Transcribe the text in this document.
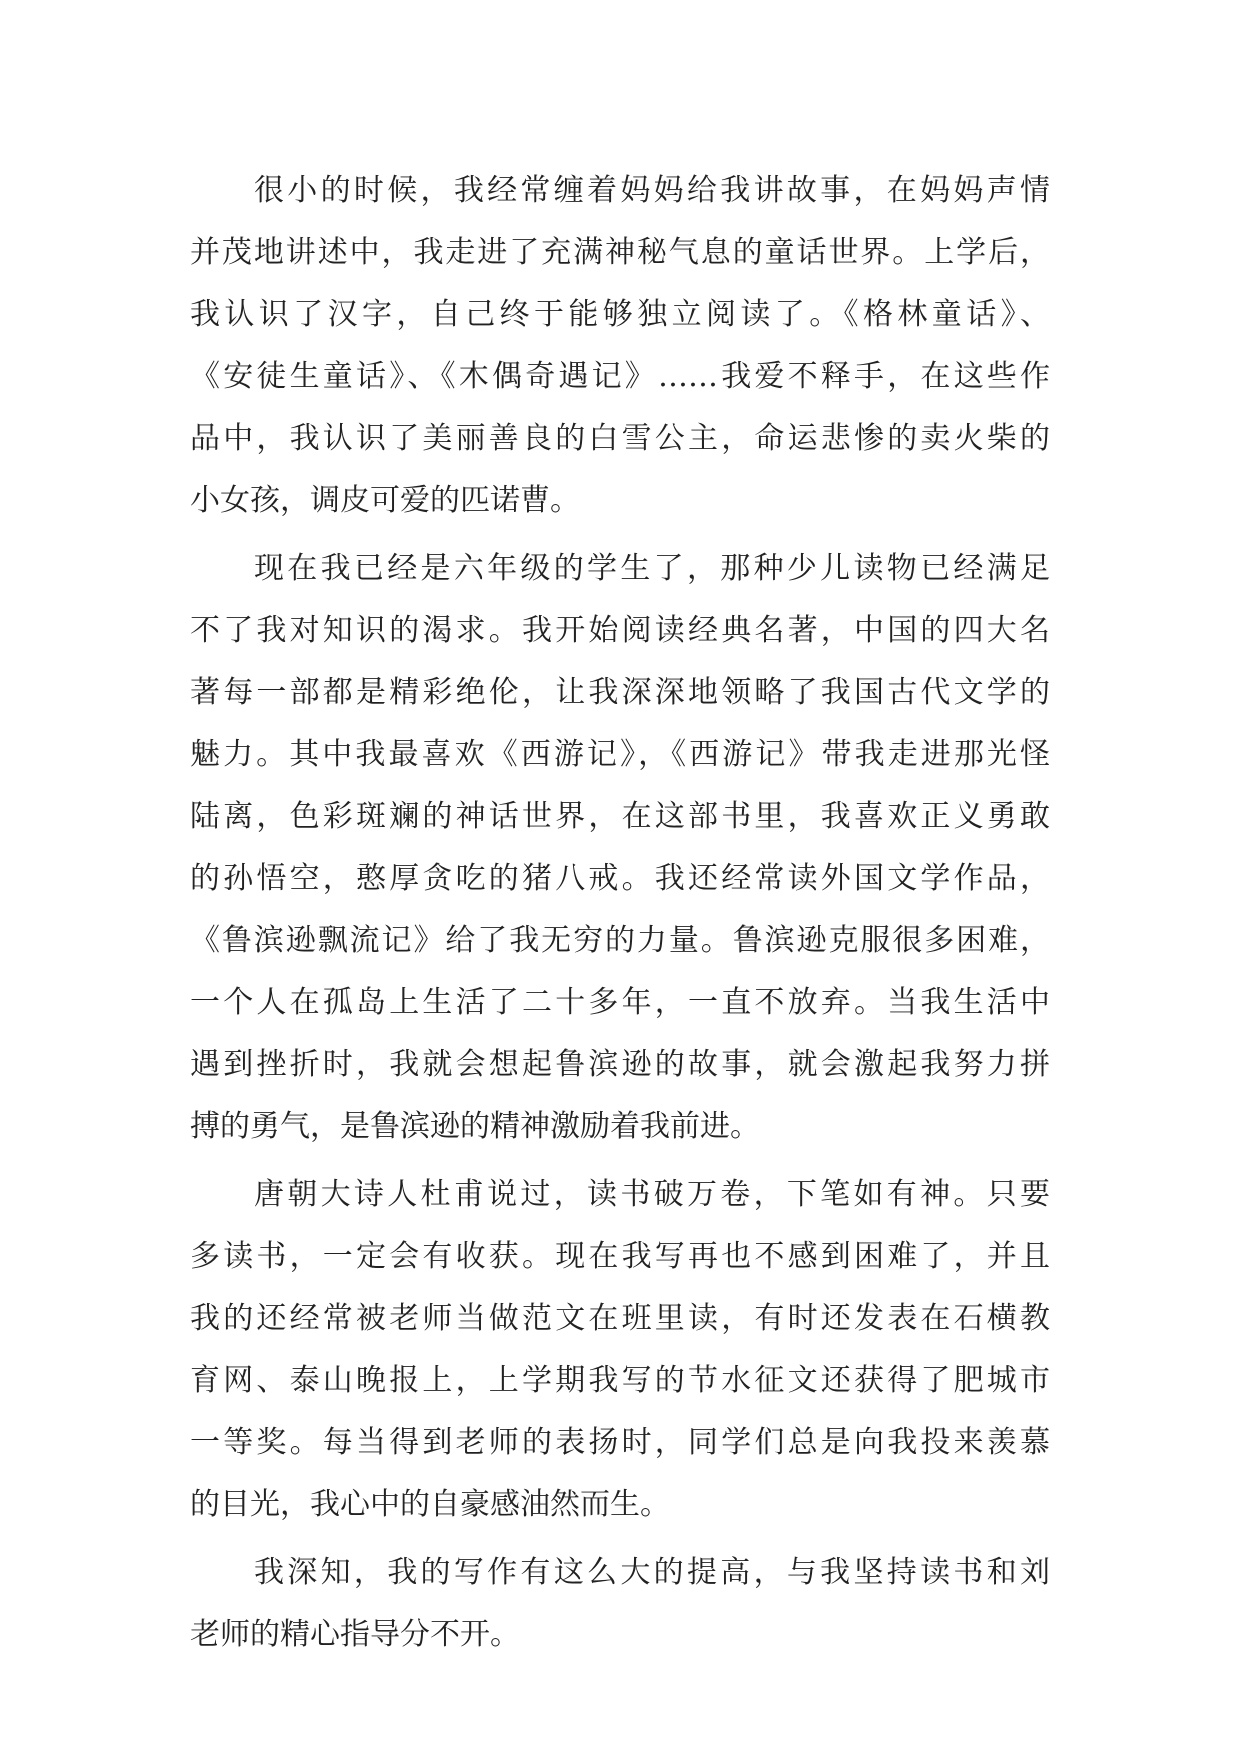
很小的时候，我经常缠着妈妈给我讲故事，在妈妈声情
并茂地讲述中，我走进了充满神秘气息的童话世界。上学后，
我认识了汉字，自己终于能够独立阅读了。《格林童话》、
《安徒生童话》、《木偶奇遇记》……我爱不释手，在这些作
品中，我认识了美丽善良的白雪公主，命运悲惨的卖火柴的
小女孩，调皮可爱的匹诺曹。
现在我已经是六年级的学生了，那种少儿读物已经满足
不了我对知识的渴求。我开始阅读经典名著，中国的四大名
著每一部都是精彩绝伦，让我深深地领略了我国古代文学的
魅力。其中我最喜欢《西游记》，《西游记》带我走进那光怪
陆离，色彩斑斓的神话世界，在这部书里，我喜欢正义勇敢
的孙悟空，憨厚贪吃的猪八戒。我还经常读外国文学作品，
《鲁滨逊飘流记》给了我无穷的力量。鲁滨逊克服很多困难，
一个人在孤岛上生活了二十多年，一直不放弃。当我生活中
遇到挫折时，我就会想起鲁滨逊的故事，就会激起我努力拼
搏的勇气，是鲁滨逊的精神激励着我前进。
唐朝大诗人杜甫说过，读书破万卷，下笔如有神。只要
多读书，一定会有收获。现在我写再也不感到困难了，并且
我的还经常被老师当做范文在班里读，有时还发表在石横教
育网、泰山晚报上，上学期我写的节水征文还获得了肥城市
一等奖。每当得到老师的表扬时，同学们总是向我投来羡慕
的目光，我心中的自豪感油然而生。
我深知，我的写作有这么大的提高，与我坚持读书和刘
老师的精心指导分不开。
